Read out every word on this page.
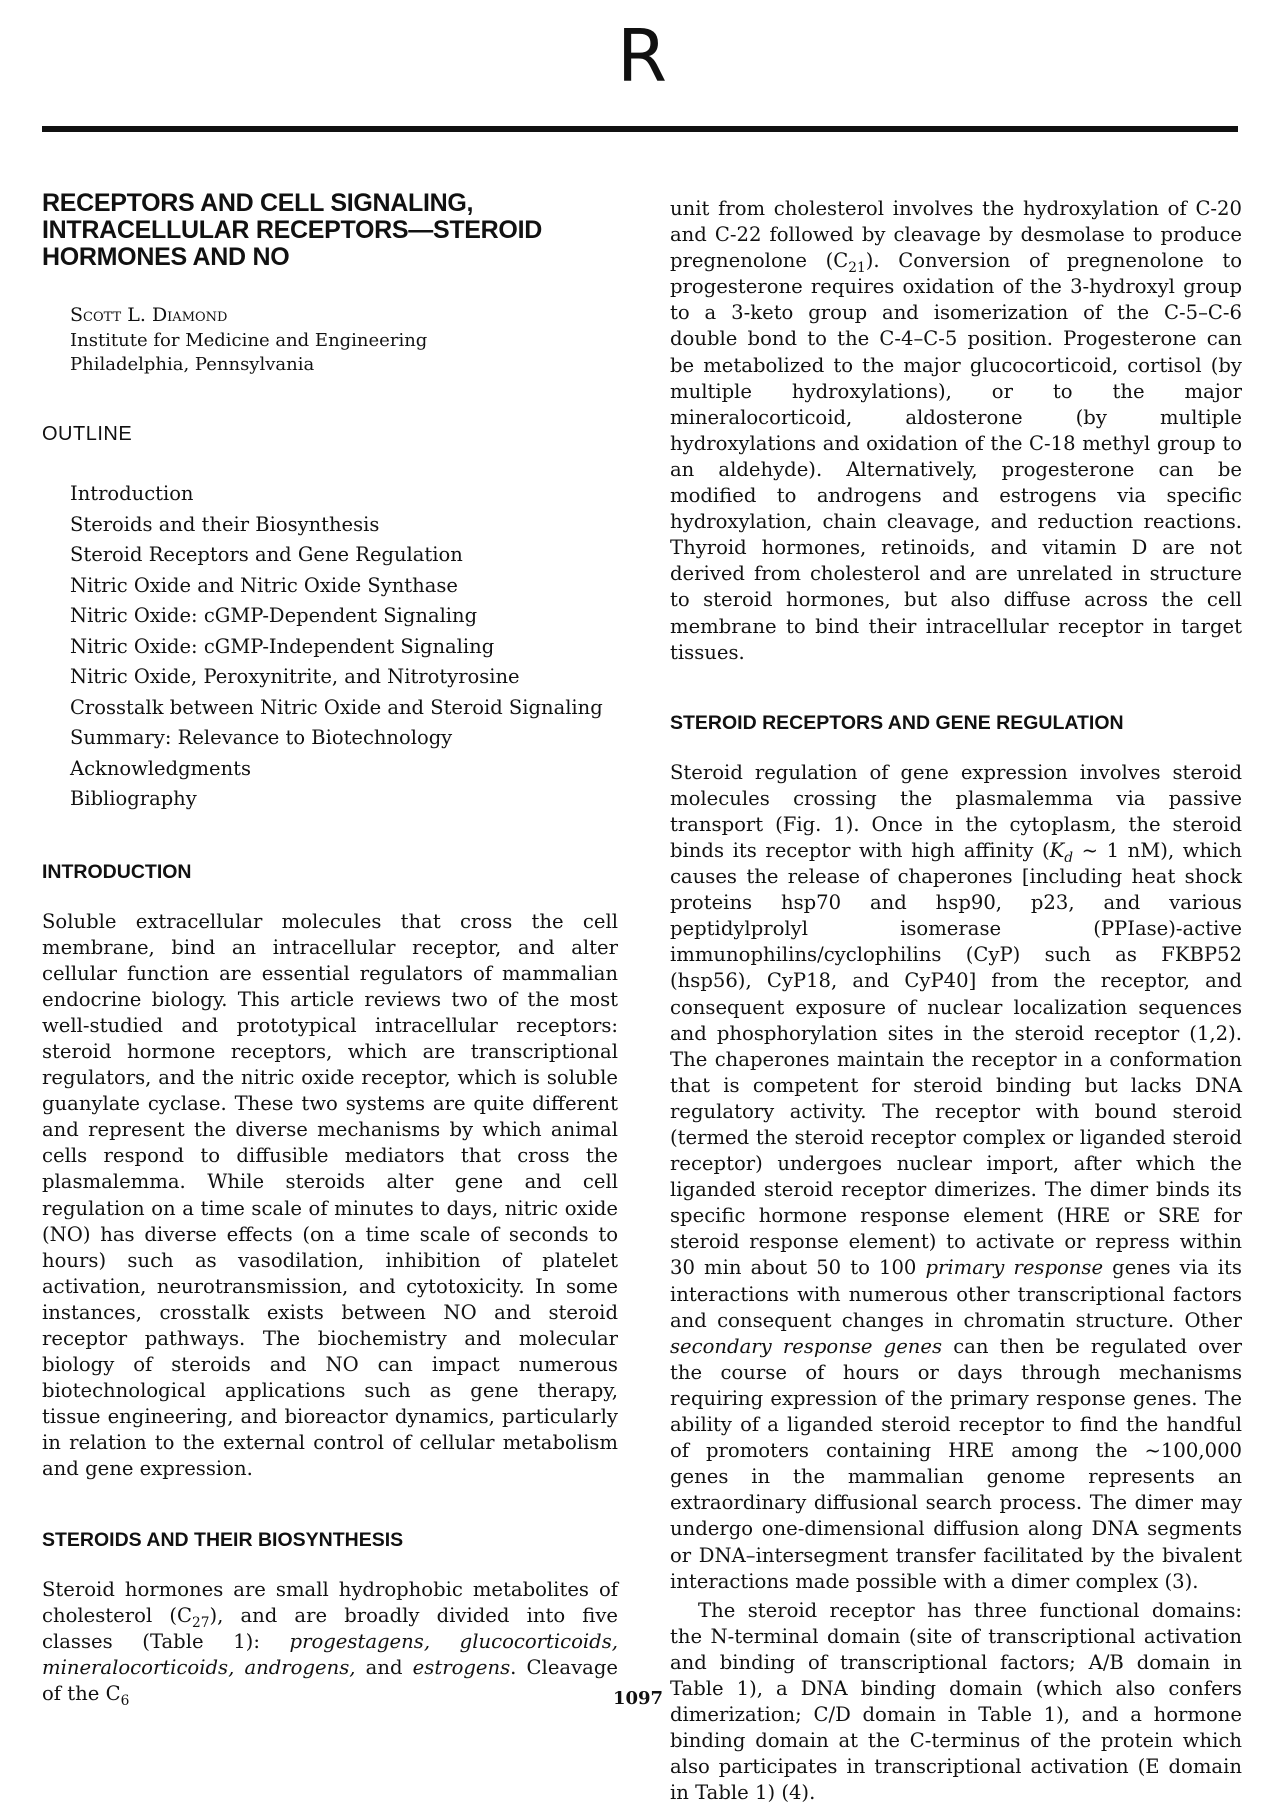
R
RECEPTORS AND CELL SIGNALING, INTRACELLULAR RECEPTORS—STEROID HORMONES AND NO
Scott L. Diamond
Institute for Medicine and Engineering
Philadelphia, Pennsylvania
OUTLINE
Introduction
Steroids and their Biosynthesis
Steroid Receptors and Gene Regulation
Nitric Oxide and Nitric Oxide Synthase
Nitric Oxide: cGMP-Dependent Signaling
Nitric Oxide: cGMP-Independent Signaling
Nitric Oxide, Peroxynitrite, and Nitrotyrosine
Crosstalk between Nitric Oxide and Steroid Signaling
Summary: Relevance to Biotechnology
Acknowledgments
Bibliography
INTRODUCTION

Soluble extracellular molecules that cross the cell membrane, bind an intracellular receptor, and alter cellular function are essential regulators of mammalian endocrine biology. This article reviews two of the most well-studied and prototypical intracellular receptors: steroid hormone receptors, which are transcriptional regulators, and the nitric oxide receptor, which is soluble guanylate cyclase. These two systems are quite different and represent the diverse mechanisms by which animal cells respond to diffusible mediators that cross the plasmalemma. While steroids alter gene and cell regulation on a time scale of minutes to days, nitric oxide (NO) has diverse effects (on a time scale of seconds to hours) such as vasodilation, inhibition of platelet activation, neurotransmission, and cytotoxicity. In some instances, crosstalk exists between NO and steroid receptor pathways. The biochemistry and molecular biology of steroids and NO can impact numerous biotechnological applications such as gene therapy, tissue engineering, and bioreactor dynamics, particularly in relation to the external control of cellular metabolism and gene expression.

STEROIDS AND THEIR BIOSYNTHESIS

Steroid hormones are small hydrophobic metabolites of cholesterol $(C_{27})$, and are broadly divided into five classes (Table 1): progestagens, glucocorticoids, mineralocorticoids, androgens, and estrogens. Cleavage of the $C_6$

unit from cholesterol involves the hydroxylation of C-20 and C-22 followed by cleavage by desmolase to produce pregnenolone $(C_{21})$. Conversion of pregnenolone to progesterone requires oxidation of the 3-hydroxyl group to a 3-keto group and isomerization of the C-5–C-6 double bond to the C-4–C-5 position. Progesterone can be metabolized to the major glucocorticoid, cortisol (by multiple hydroxylations), or to the major mineralocorticoid, aldosterone (by multiple hydroxylations and oxidation of the C-18 methyl group to an aldehyde). Alternatively, progesterone can be modified to androgens and estrogens via specific hydroxylation, chain cleavage, and reduction reactions. Thyroid hormones, retinoids, and vitamin D are not derived from cholesterol and are unrelated in structure to steroid hormones, but also diffuse across the cell membrane to bind their intracellular receptor in target tissues.

STEROID RECEPTORS AND GENE REGULATION

Steroid regulation of gene expression involves steroid molecules crossing the plasmalemma via passive transport (Fig. 1). Once in the cytoplasm, the steroid binds its receptor with high affinity ($K_d$ ~ 1 nM), which causes the release of chaperones [including heat shock proteins hsp70 and hsp90, p23, and various peptidylprolyl isomerase (PPIase)-active immunophilins/cyclophilins (CyP) such as FKBP52 (hsp56), CyP18, and CyP40] from the receptor, and consequent exposure of nuclear localization sequences and phosphorylation sites in the steroid receptor (1,2). The chaperones maintain the receptor in a conformation that is competent for steroid binding but lacks DNA regulatory activity. The receptor with bound steroid (termed the steroid receptor complex or liganded steroid receptor) undergoes nuclear import, after which the liganded steroid receptor dimerizes. The dimer binds its specific hormone response element (HRE or SRE for steroid response element) to activate or repress within 30 min about 50 to 100 primary response genes via its interactions with numerous other transcriptional factors and consequent changes in chromatin structure. Other secondary response genes can then be regulated over the course of hours or days through mechanisms requiring expression of the primary response genes. The ability of a liganded steroid receptor to find the handful of promoters containing HRE among the ~100,000 genes in the mammalian genome represents an extraordinary diffusional search process. The dimer may undergo one-dimensional diffusion along DNA segments or DNA–intersegment transfer facilitated by the bivalent interactions made possible with a dimer complex (3).

The steroid receptor has three functional domains: the N-terminal domain (site of transcriptional activation and binding of transcriptional factors; A/B domain in Table 1), a DNA binding domain (which also confers dimerization; C/D domain in Table 1), and a hormone binding domain at the C-terminus of the protein which also participates in transcriptional activation (E domain in Table 1) (4).

1097
